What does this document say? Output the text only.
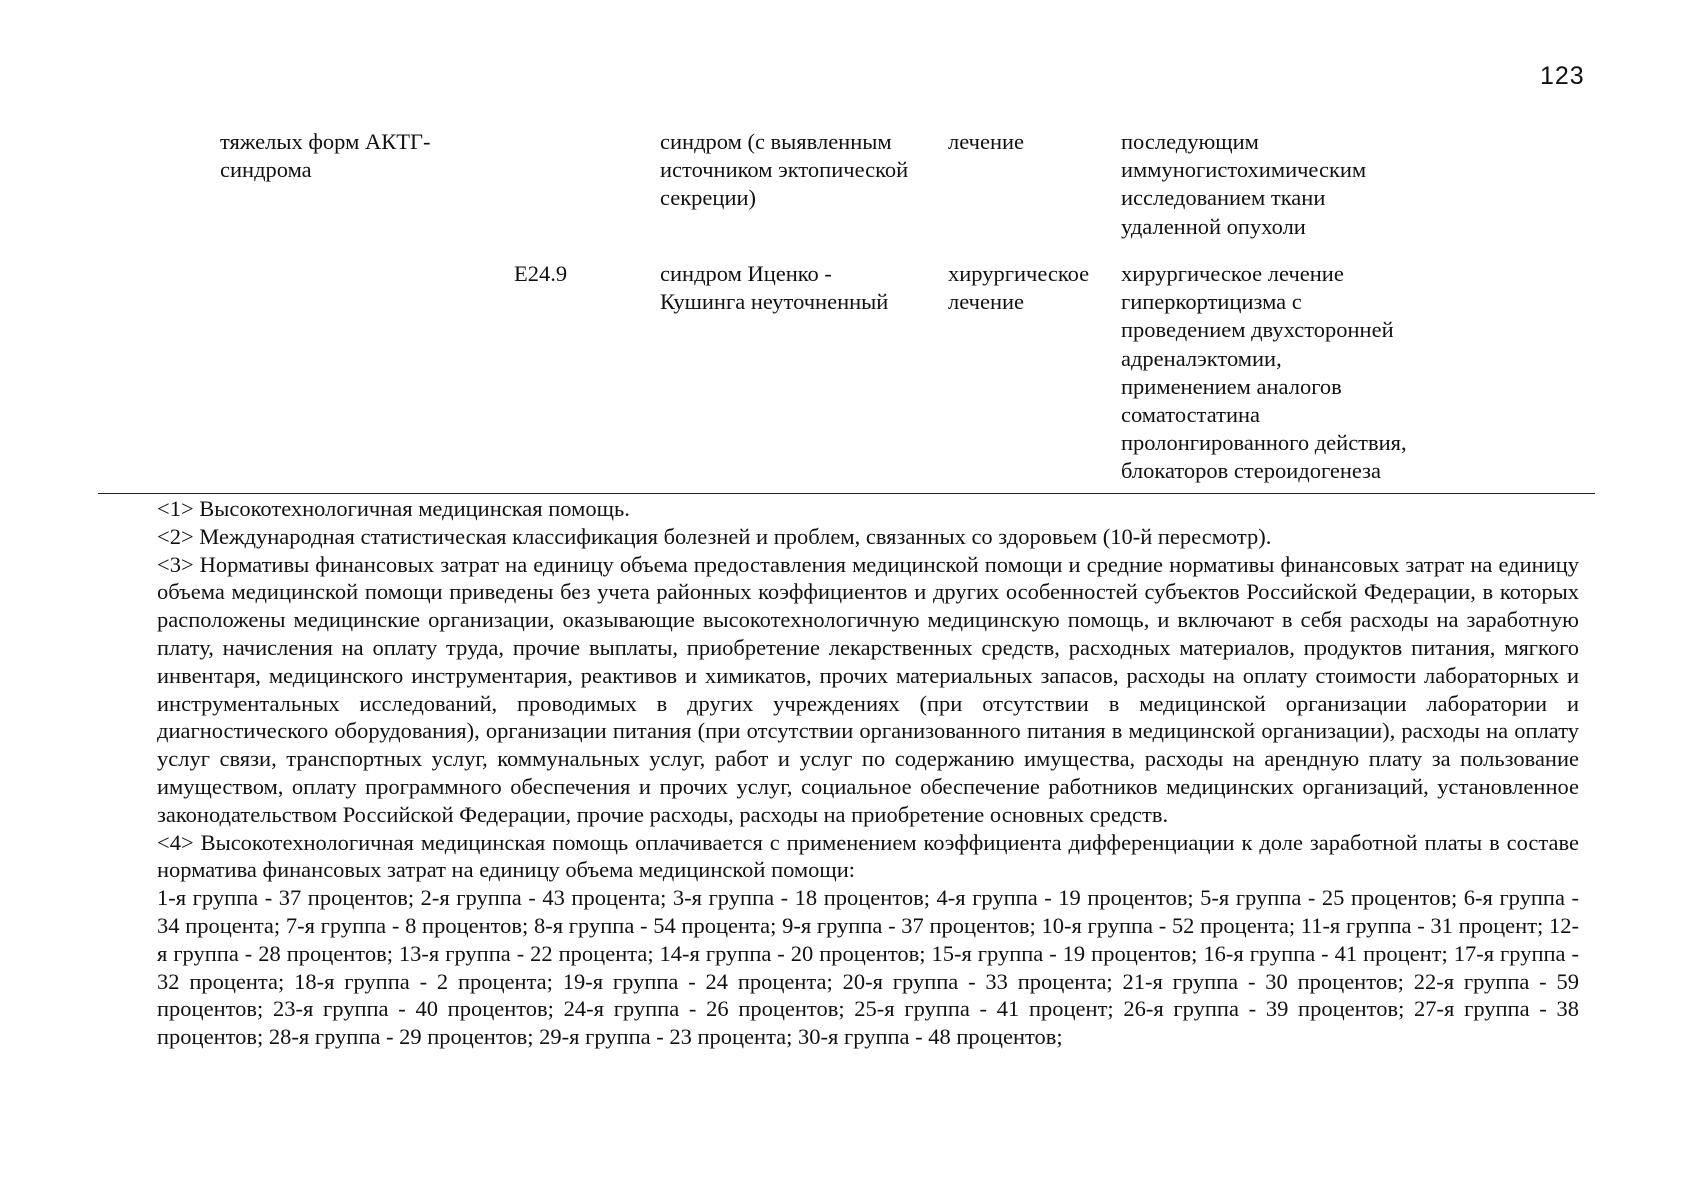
123
тяжелых форм АКТГ-
синдрома
синдром (с выявленным
источником эктопической
секреции)
лечение	последующим
иммуногистохимическим
исследованием ткани
удаленной опухоли
E24.9	синдром Иценко -
Кушинга неуточненный
хирургическое
лечение
хирургическое лечение
гиперкортицизма с
проведением двухсторонней
адреналэктомии,
применением аналогов
соматостатина
пролонгированного действия,
блокаторов стероидогенеза

<1> Высокотехнологичная медицинская помощь.

<2> Международная статистическая классификация болезней и проблем, связанных со здоровьем (10-й пересмотр).

<3> Нормативы финансовых затрат на единицу объема предоставления медицинской помощи и средние нормативы финансовых затрат на единицу объема медицинской помощи приведены без учета районных коэффициентов и других особенностей субъектов Российской Федерации, в которых расположены медицинские организации, оказывающие высокотехнологичную медицинскую помощь, и включают в себя расходы на заработную плату, начисления на оплату труда, прочие выплаты, приобретение лекарственных средств, расходных материалов, продуктов питания, мягкого инвентаря, медицинского инструментария, реактивов и химикатов, прочих материальных запасов, расходы на оплату стоимости лабораторных и инструментальных исследований, проводимых в других учреждениях (при отсутствии в медицинской организации лаборатории и диагностического оборудования), организации питания (при отсутствии организованного питания в медицинской организации), расходы на оплату услуг связи, транспортных услуг, коммунальных услуг, работ и услуг по содержанию имущества, расходы на арендную плату за пользование имуществом, оплату программного обеспечения и прочих услуг, социальное обеспечение работников медицинских организаций, установленное законодательством Российской Федерации, прочие расходы, расходы на приобретение основных средств.

<4> Высокотехнологичная медицинская помощь оплачивается с применением коэффициента дифференциации к доле заработной платы в составе норматива финансовых затрат на единицу объема медицинской помощи:

1-я группа - 37 процентов; 2-я группа - 43 процента; 3-я группа - 18 процентов; 4-я группа - 19 процентов; 5-я группа - 25 процентов; 6-я группа - 34 процента; 7-я группа - 8 процентов; 8-я группа - 54 процента; 9-я группа - 37 процентов; 10-я группа - 52 процента; 11-я группа - 31 процент; 12-я группа - 28 процентов; 13-я группа - 22 процента; 14-я группа - 20 процентов; 15-я группа - 19 процентов; 16-я группа - 41 процент; 17-я группа - 32 процента; 18-я группа - 2 процента; 19-я группа - 24 процента; 20-я группа - 33 процента; 21-я группа - 30 процентов; 22-я группа - 59 процентов; 23-я группа - 40 процентов; 24-я группа - 26 процентов; 25-я группа - 41 процент; 26-я группа - 39 процентов; 27-я группа - 38 процентов; 28-я группа - 29 процентов; 29-я группа - 23 процента; 30-я группа - 48 процентов;
